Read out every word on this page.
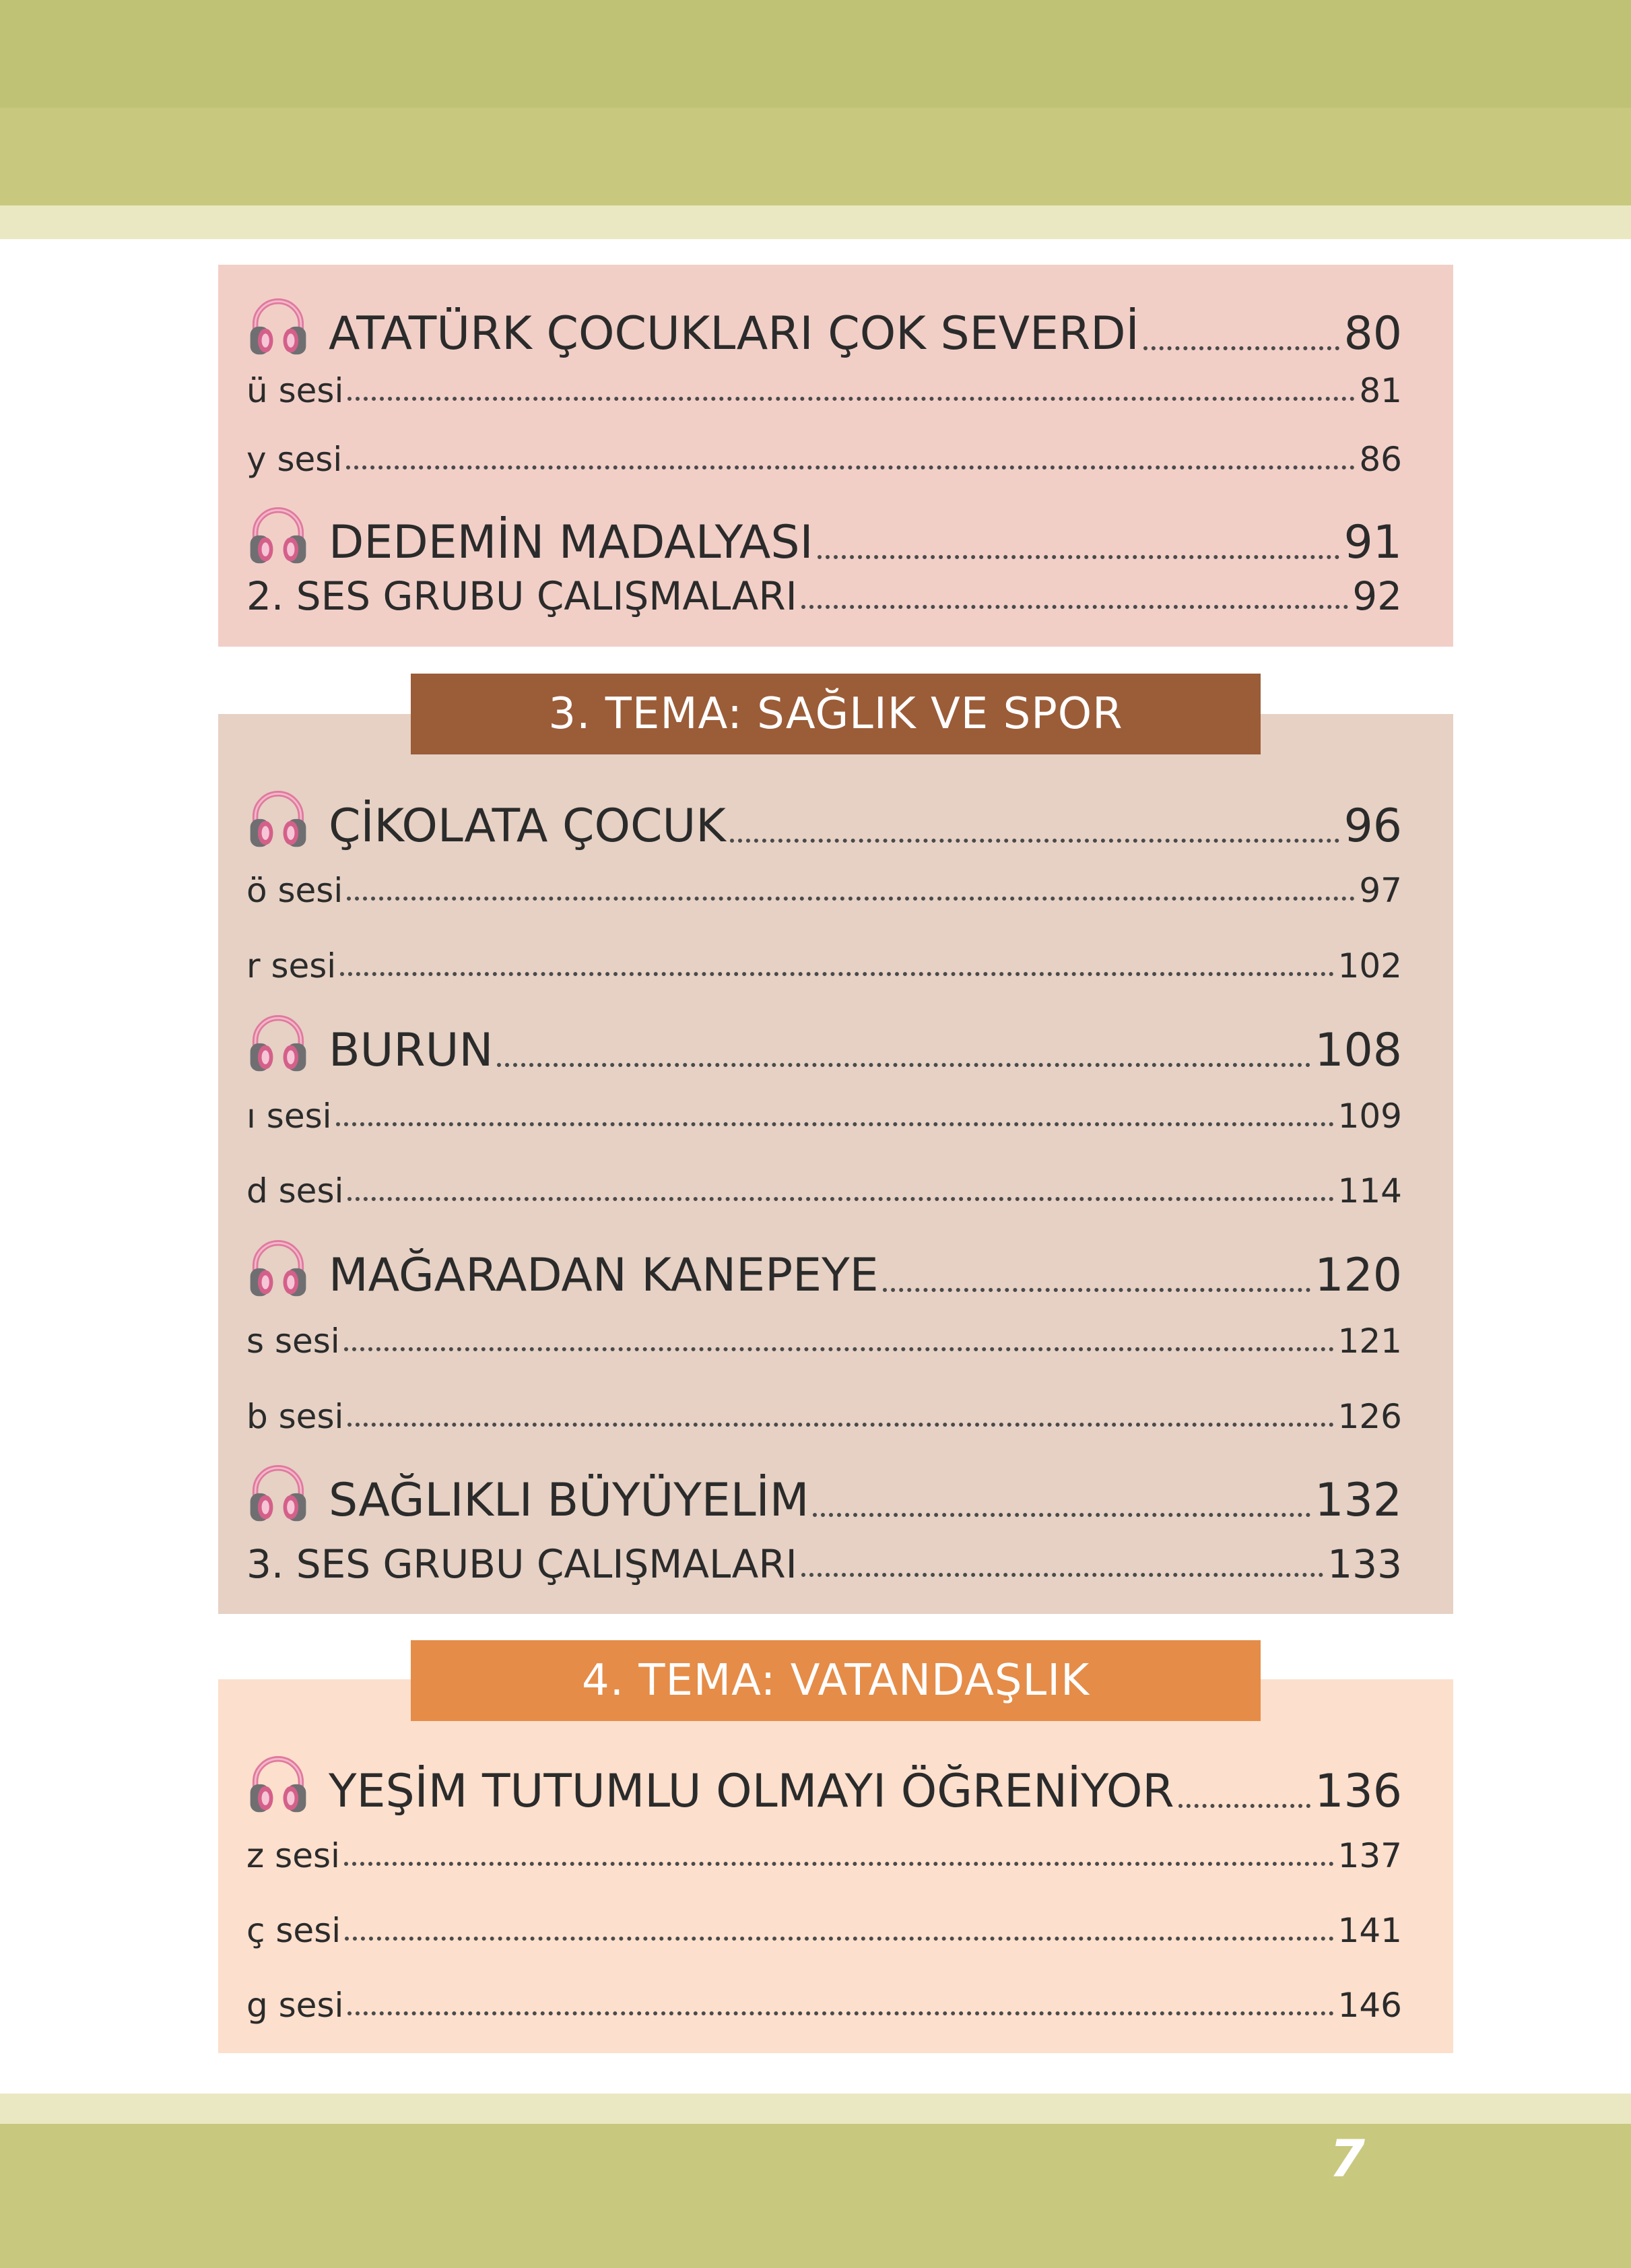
7
3. TEMA: SAĞLIK VE SPOR
4. TEMA: VATANDAŞLIK
ATATÜRK ÇOCUKLARI ÇOK SEVERDİ	80
ü sesi	81
y sesi	86
DEDEMİN MADALYASI	91
2. SES GRUBU ÇALIŞMALARI	92
ÇİKOLATA ÇOCUK	96
ö sesi	97
r sesi	102
BURUN	108
ı sesi	109
d sesi	114
MAĞARADAN KANEPEYE	120
s sesi	121
b sesi	126
SAĞLIKLI BÜYÜYELİM	132
3. SES GRUBU ÇALIŞMALARI	133
YEŞİM TUTUMLU OLMAYI ÖĞRENİYOR	136
z sesi	137
ç sesi	141
g sesi	146
